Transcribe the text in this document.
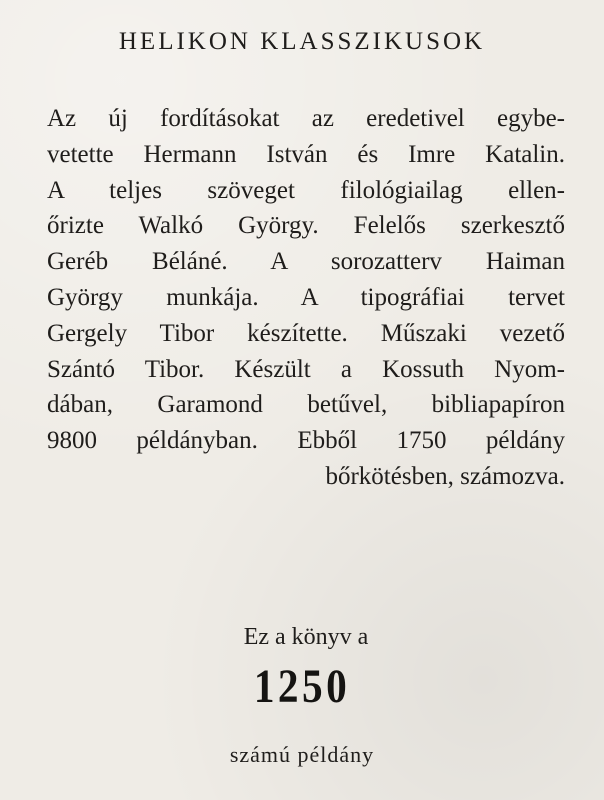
HELIKON KLASSZIKUSOK
Az új fordításokat az eredetivel egybe-
vetette Hermann István és Imre Katalin.
A teljes szöveget filológiailag ellen-
őrizte Walkó György. Felelős szerkesztő
Geréb Béláné. A sorozatterv Haiman
György munkája. A tipográfiai tervet
Gergely Tibor készítette. Műszaki vezető
Szántó Tibor. Készült a Kossuth Nyom-
dában, Garamond betűvel, bibliapapíron
9800 példányban. Ebből 1750 példány
bőrkötésben, számozva.
Ez a könyv a
1250
számú példány
